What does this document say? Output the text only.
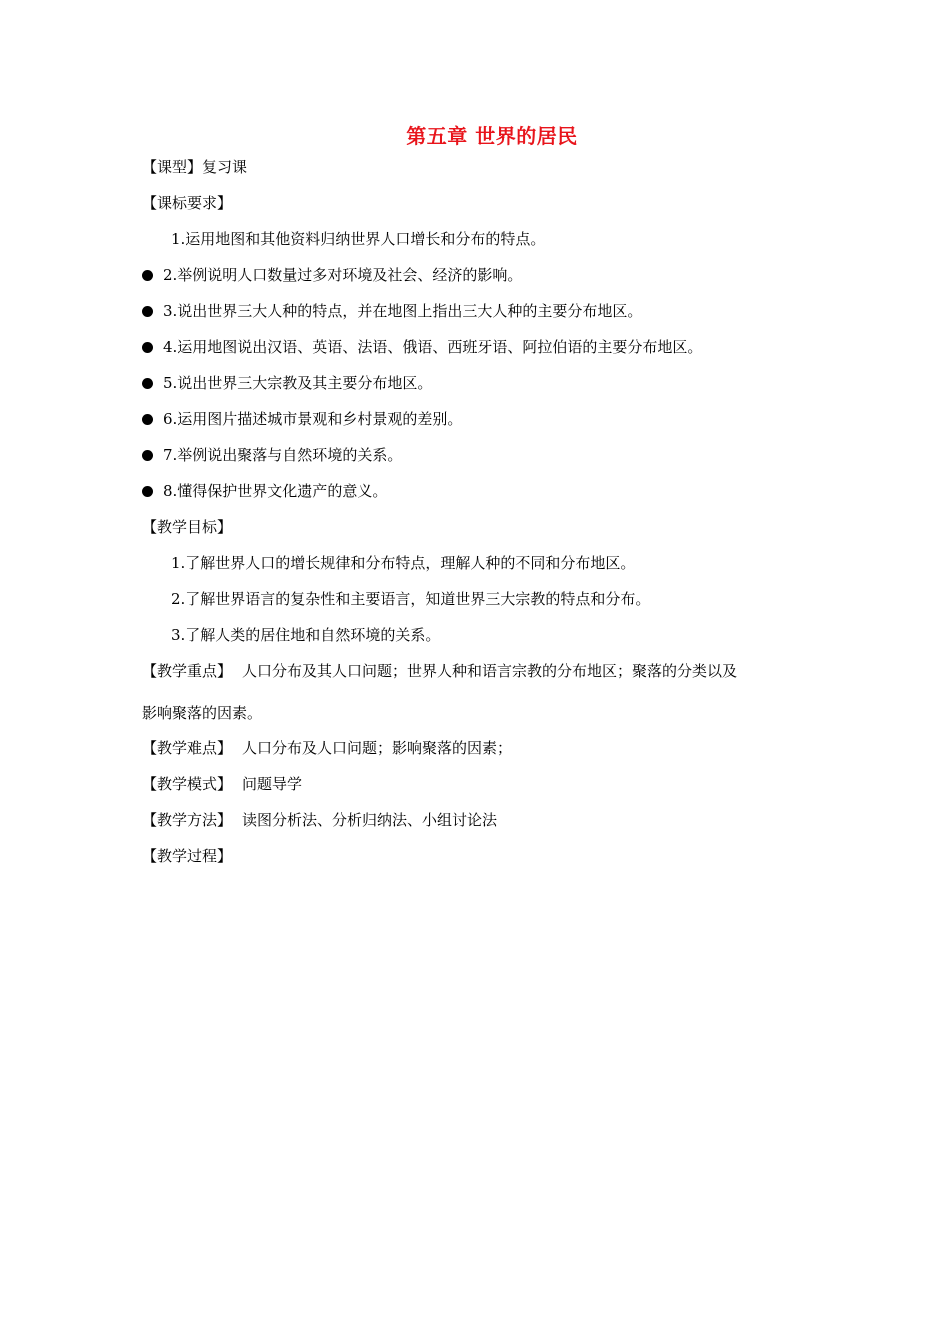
第五章 世界的居民
【课型】复习课
【课标要求】
1.运用地图和其他资料归纳世界人口增长和分布的特点。
2.举例说明人口数量过多对环境及社会、经济的影响。
3.说出世界三大人种的特点，并在地图上指出三大人种的主要分布地区。
4.运用地图说出汉语、英语、法语、俄语、西班牙语、阿拉伯语的主要分布地区。
5.说出世界三大宗教及其主要分布地区。
6.运用图片描述城市景观和乡村景观的差别。
7.举例说出聚落与自然环境的关系。
8.懂得保护世界文化遗产的意义。
【教学目标】
1.了解世界人口的增长规律和分布特点，理解人种的不同和分布地区。
2.了解世界语言的复杂性和主要语言，知道世界三大宗教的特点和分布。
3.了解人类的居住地和自然环境的关系。
【教学重点】 人口分布及其人口问题；世界人种和语言宗教的分布地区；聚落的分类以及
影响聚落的因素。
【教学难点】 人口分布及人口问题；影响聚落的因素；
【教学模式】 问题导学
【教学方法】 读图分析法、分析归纳法、小组讨论法
【教学过程】
